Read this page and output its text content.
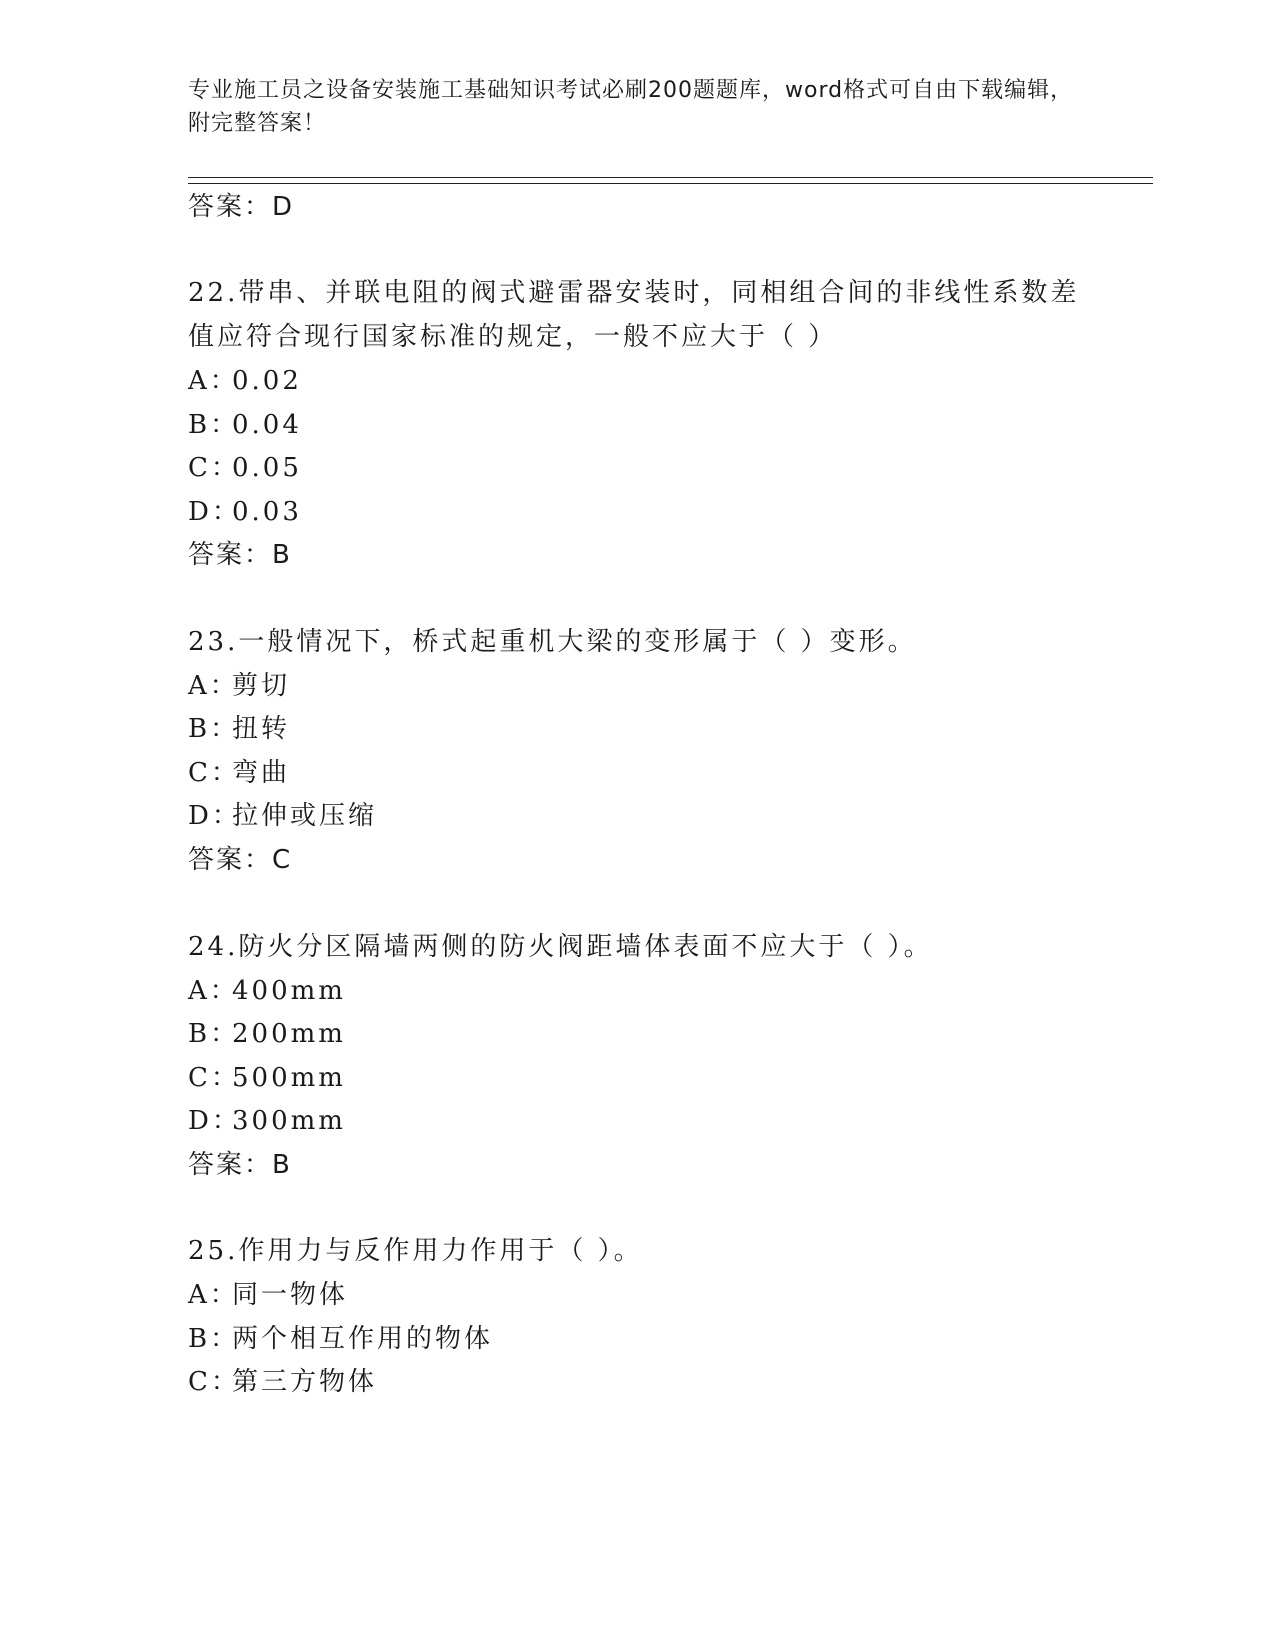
专业施工员之设备安装施工基础知识考试必刷200题题库，word格式可自由下载编辑，附完整答案！
答案：D
22.带串、并联电阻的阀式避雷器安装时，同相组合间的非线性系数差
值应符合现行国家标准的规定，一般不应大于（ ）
A：0.02
B：0.04
C：0.05
D：0.03
答案：B
23.一般情况下，桥式起重机大梁的变形属于（ ）变形。
A：剪切
B：扭转
C：弯曲
D：拉伸或压缩
答案：C
24.防火分区隔墙两侧的防火阀距墙体表面不应大于（ ）。
A：400mm
B：200mm
C：500mm
D：300mm
答案：B
25.作用力与反作用力作用于（ ）。
A：同一物体
B：两个相互作用的物体
C：第三方物体
